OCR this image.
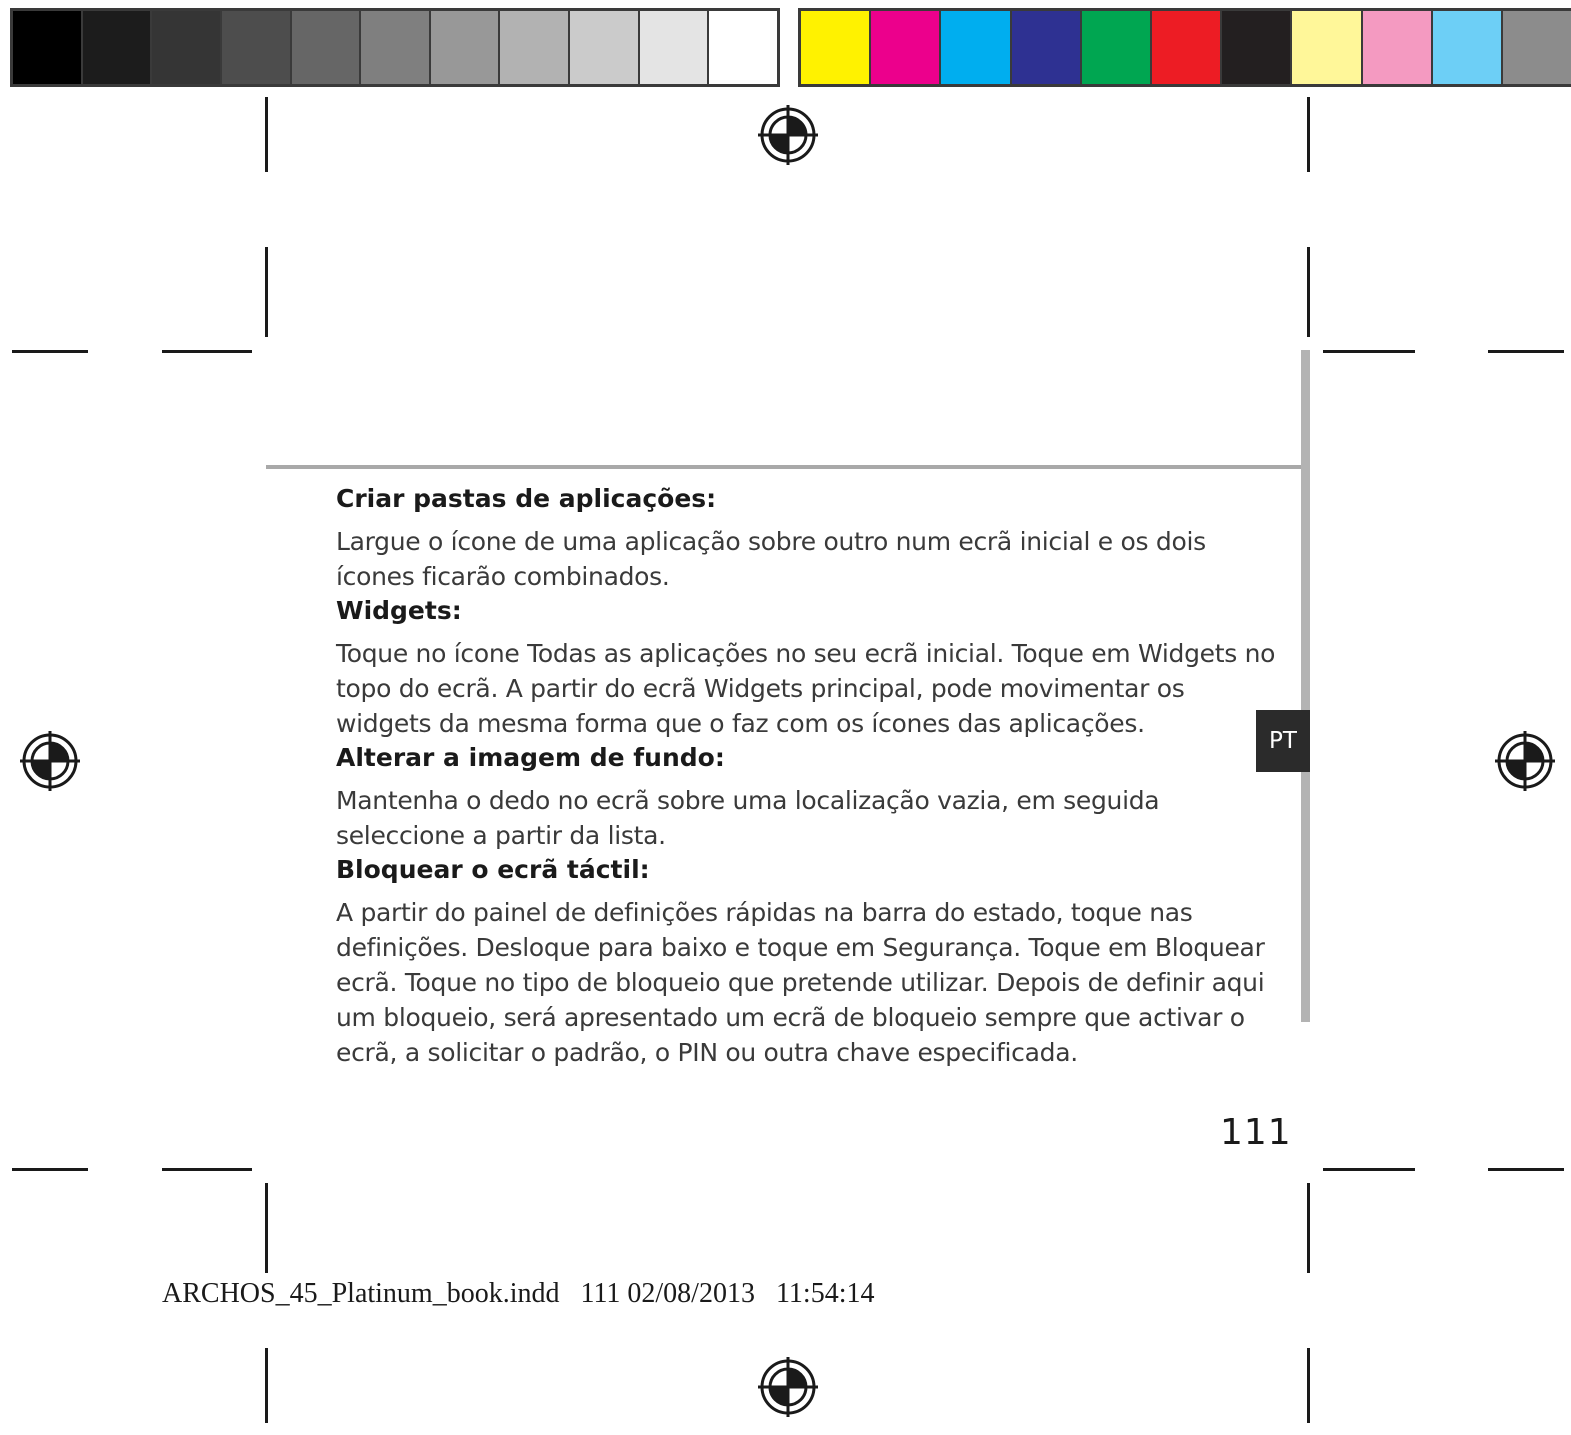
PT

Criar pastas de aplicações:

Largue o ícone de uma aplicação sobre outro num ecrã inicial e os dois ícones ficarão combinados.

Widgets:

Toque no ícone Todas as aplicações no seu ecrã inicial. Toque em Widgets no topo do ecrã. A partir do ecrã Widgets principal, pode movimentar os widgets da mesma forma que o faz com os ícones das aplicações.

Alterar a imagem de fundo:

Mantenha o dedo no ecrã sobre uma localização vazia, em seguida seleccione a partir da lista.

Bloquear o ecrã táctil:

A partir do painel de definições rápidas na barra do estado, toque nas definições. Desloque para baixo e toque em Segurança. Toque em Bloquear ecrã. Toque no tipo de bloqueio que pretende utilizar. Depois de definir aqui um bloqueio, será apresentado um ecrã de bloqueio sempre que activar o ecrã, a solicitar o padrão, o PIN ou outra chave especificada.

111
ARCHOS_45_Platinum_book.indd 111 02/08/2013 11:54:14
